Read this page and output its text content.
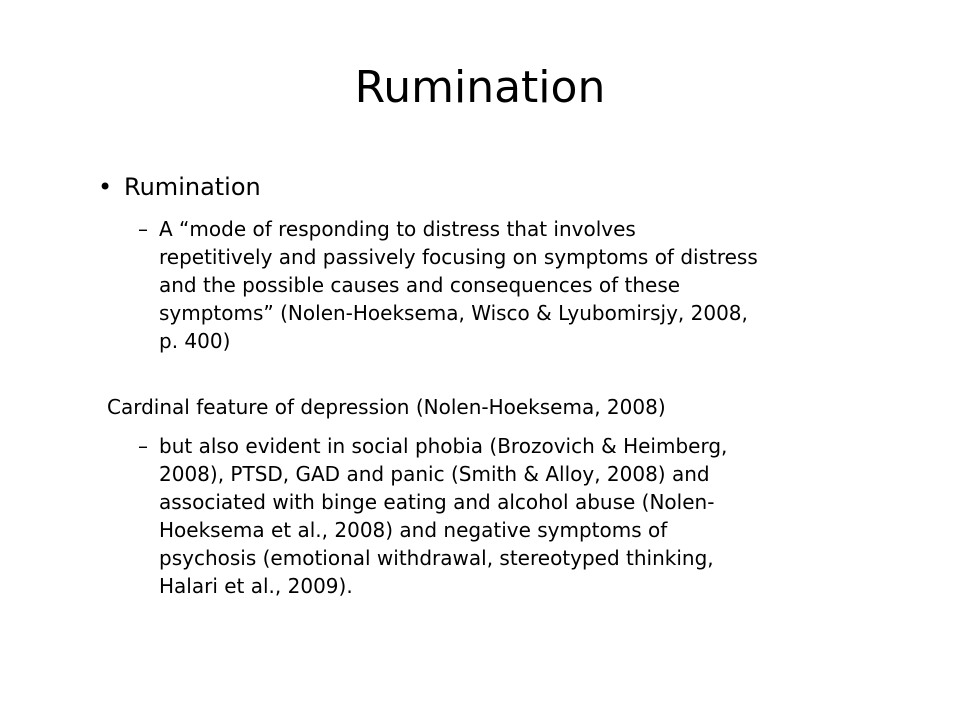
Rumination
• Rumination
– A “mode of responding to distress that involves
repetitively and passively focusing on symptoms of distress
and the possible causes and consequences of these
symptoms” (Nolen-Hoeksema, Wisco & Lyubomirsjy, 2008,
p. 400)
Cardinal feature of depression (Nolen-Hoeksema, 2008)
– but also evident in social phobia (Brozovich & Heimberg,
2008), PTSD, GAD and panic (Smith & Alloy, 2008) and
associated with binge eating and alcohol abuse (Nolen-
Hoeksema et al., 2008) and negative symptoms of
psychosis (emotional withdrawal, stereotyped thinking,
Halari et al., 2009).
